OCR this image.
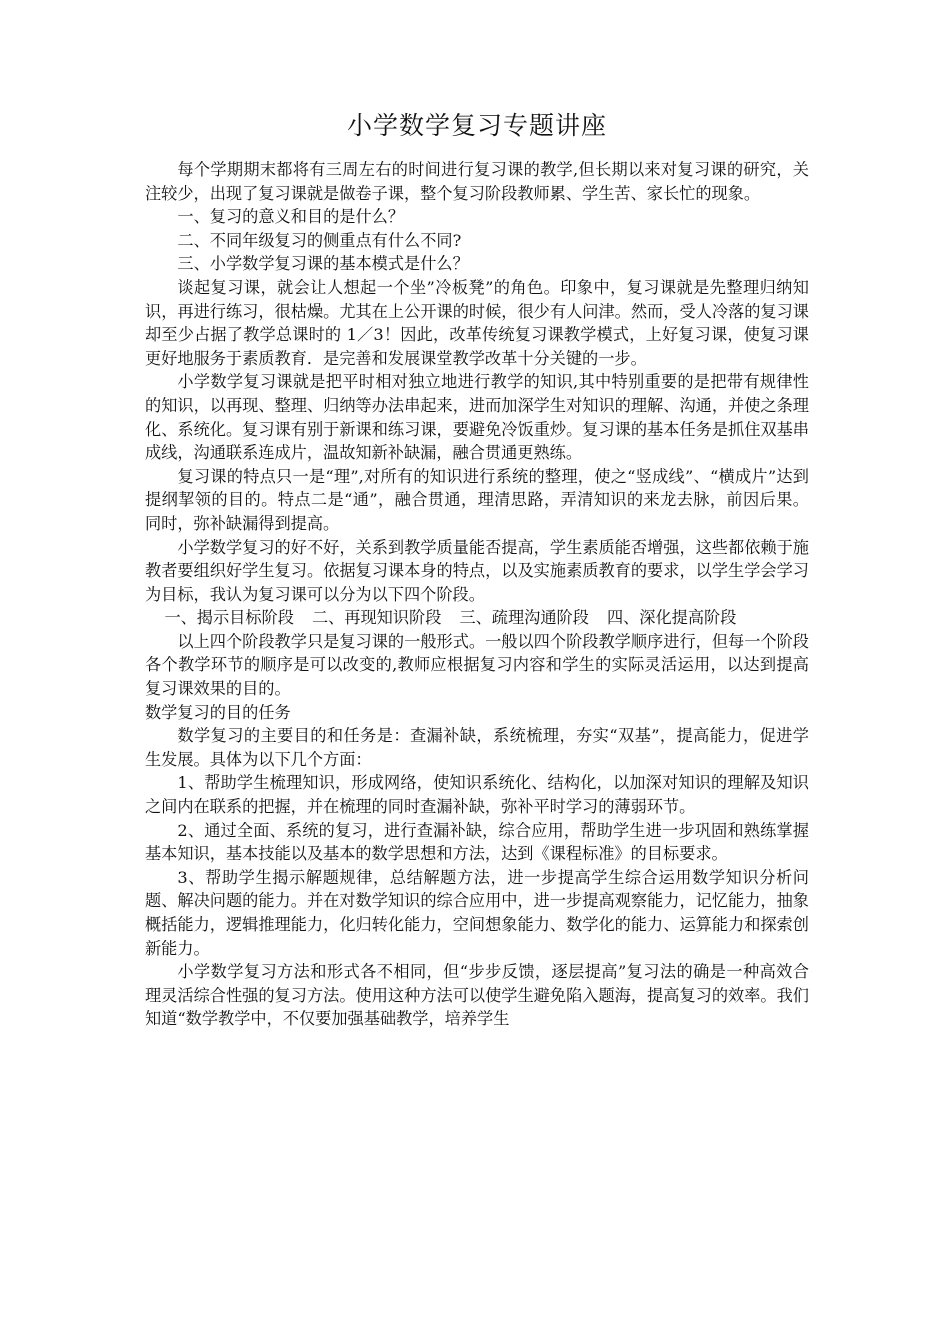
小学数学复习专题讲座

每个学期期末都将有三周左右的时间进行复习课的教学,但长期以来对复习课的研究，关注较少，出现了复习课就是做卷子课，整个复习阶段教师累、学生苦、家长忙的现象。

一、复习的意义和目的是什么？

二、不同年级复习的侧重点有什么不同?

三、小学数学复习课的基本模式是什么？

谈起复习课，就会让人想起一个坐”冷板凳”的角色。印象中，复习课就是先整理归纳知识，再进行练习，很枯燥。尤其在上公开课的时候，很少有人问津。然而，受人冷落的复习课却至少占据了教学总课时的 1／3！因此，改革传统复习课教学模式，上好复习课，使复习课更好地服务于素质教育．是完善和发展课堂教学改革十分关键的一步。

小学数学复习课就是把平时相对独立地进行教学的知识,其中特别重要的是把带有规律性的知识，以再现、整理、归纳等办法串起来，进而加深学生对知识的理解、沟通，并使之条理化、系统化。复习课有别于新课和练习课，要避免冷饭重炒。复习课的基本任务是抓住双基串成线，沟通联系连成片，温故知新补缺漏，融合贯通更熟练。

复习课的特点只一是“理”,对所有的知识进行系统的整理，使之“竖成线”、“横成片”达到提纲挈领的目的。特点二是“通”，融合贯通，理清思路，弄清知识的来龙去脉，前因后果。同时，弥补缺漏得到提高。

小学数学复习的好不好，关系到教学质量能否提高，学生素质能否增强，这些都依赖于施教者要组织好学生复习。依据复习课本身的特点，以及实施素质教育的要求，以学生学会学习为目标，我认为复习课可以分为以下四个阶段。

一、揭示目标阶段 二、再现知识阶段 三、疏理沟通阶段 四、深化提高阶段

以上四个阶段教学只是复习课的一般形式。一般以四个阶段教学顺序进行，但每一个阶段各个教学环节的顺序是可以改变的,教师应根据复习内容和学生的实际灵活运用，以达到提高复习课效果的目的。

数学复习的目的任务

数学复习的主要目的和任务是：查漏补缺，系统梳理，夯实“双基”，提高能力，促进学生发展。具体为以下几个方面：

1、帮助学生梳理知识，形成网络，使知识系统化、结构化，以加深对知识的理解及知识之间内在联系的把握，并在梳理的同时查漏补缺，弥补平时学习的薄弱环节。

2、通过全面、系统的复习，进行查漏补缺，综合应用，帮助学生进一步巩固和熟练掌握基本知识，基本技能以及基本的数学思想和方法，达到《课程标准》的目标要求。

3、帮助学生揭示解题规律，总结解题方法，进一步提高学生综合运用数学知识分析问题、解决问题的能力。并在对数学知识的综合应用中，进一步提高观察能力，记忆能力，抽象概括能力，逻辑推理能力，化归转化能力，空间想象能力、数学化的能力、运算能力和探索创新能力。

小学数学复习方法和形式各不相同，但“步步反馈，逐层提高”复习法的确是一种高效合理灵活综合性强的复习方法。使用这种方法可以使学生避免陷入题海，提高复习的效率。我们知道“数学教学中，不仅要加强基础教学，培养学生
